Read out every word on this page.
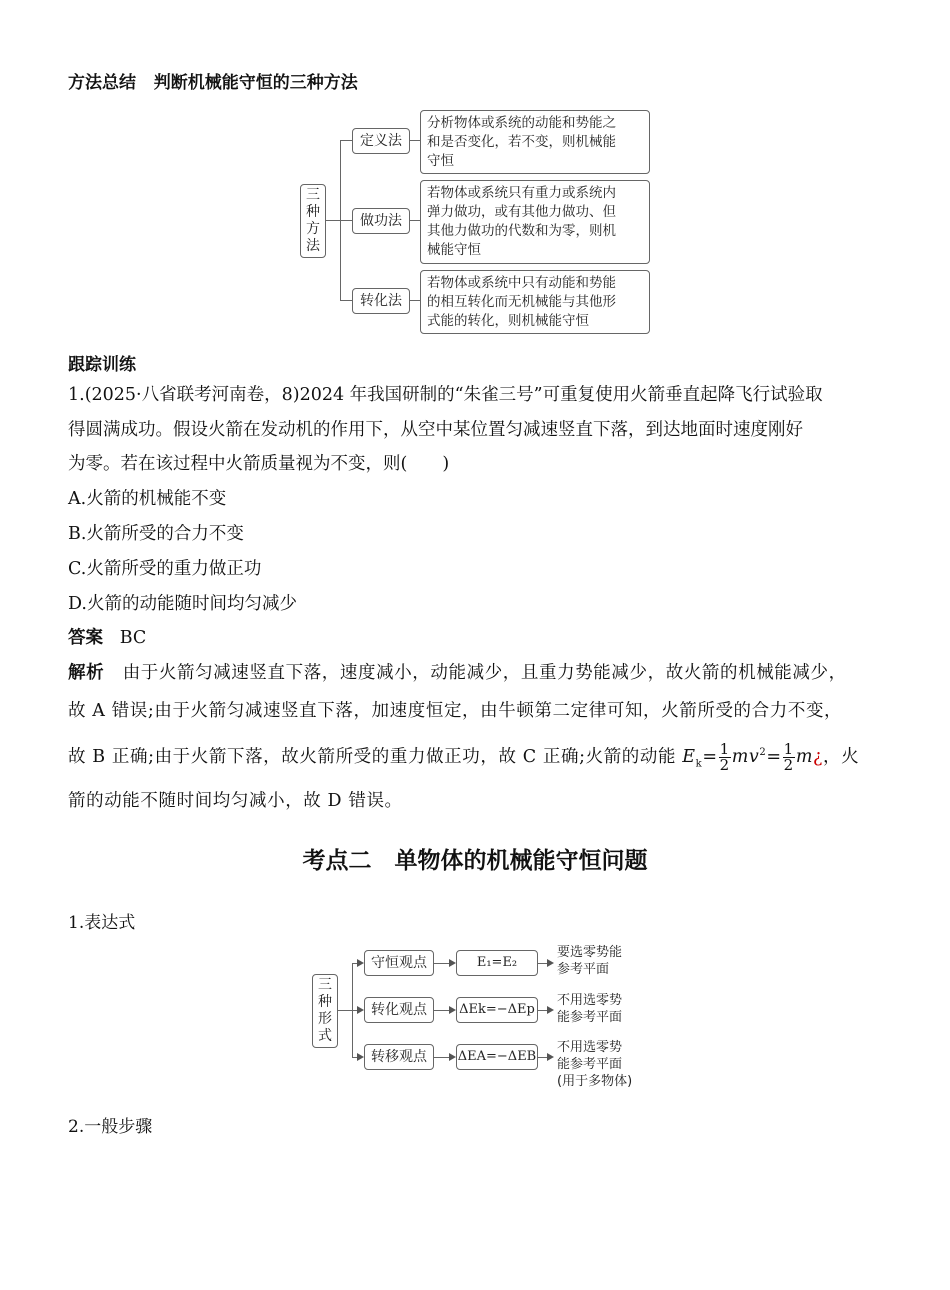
方法总结 判断机械能守恒的三种方法
三种方法
定义法
做功法
转化法
分析物体或系统的动能和势能之
和是否变化，若不变，则机械能
守恒
若物体或系统只有重力或系统内
弹力做功，或有其他力做功、但
其他力做功的代数和为零，则机
械能守恒
若物体或系统中只有动能和势能
的相互转化而无机械能与其他形
式能的转化，则机械能守恒
跟踪训练
1.(2025·八省联考河南卷，8)2024 年我国研制的“朱雀三号”可重复使用火箭垂直起降飞行试验取
得圆满成功。假设火箭在发动机的作用下，从空中某位置匀减速竖直下落，到达地面时速度刚好
为零。若在该过程中火箭质量视为不变，则(　　)
A.火箭的机械能不变
B.火箭所受的合力不变
C.火箭所受的重力做正功
D.火箭的动能随时间均匀减少
答案 BC
解析 由于火箭匀减速竖直下落，速度减小，动能减少，且重力势能减少，故火箭的机械能减少，
故 A 错误;由于火箭匀减速竖直下落，加速度恒定，由牛顿第二定律可知，火箭所受的合力不变，
故 B 正确;由于火箭下落，故火箭所受的重力做正功，故 C 正确;火箭的动能 $E_k= \frac{1}{2} mv^2= \frac{1}{2}$ m¿，火
箭的动能不随时间均匀减小，故 D 错误。
考点二　单物体的机械能守恒问题
1.表达式
三种形式
守恒观点
转化观点
转移观点
E₁=E₂
ΔEk=−ΔEp
ΔEA=−ΔEB
要选零势能
参考平面
不用选零势
能参考平面
不用选零势
能参考平面
(用于多物体)
2.一般步骤
